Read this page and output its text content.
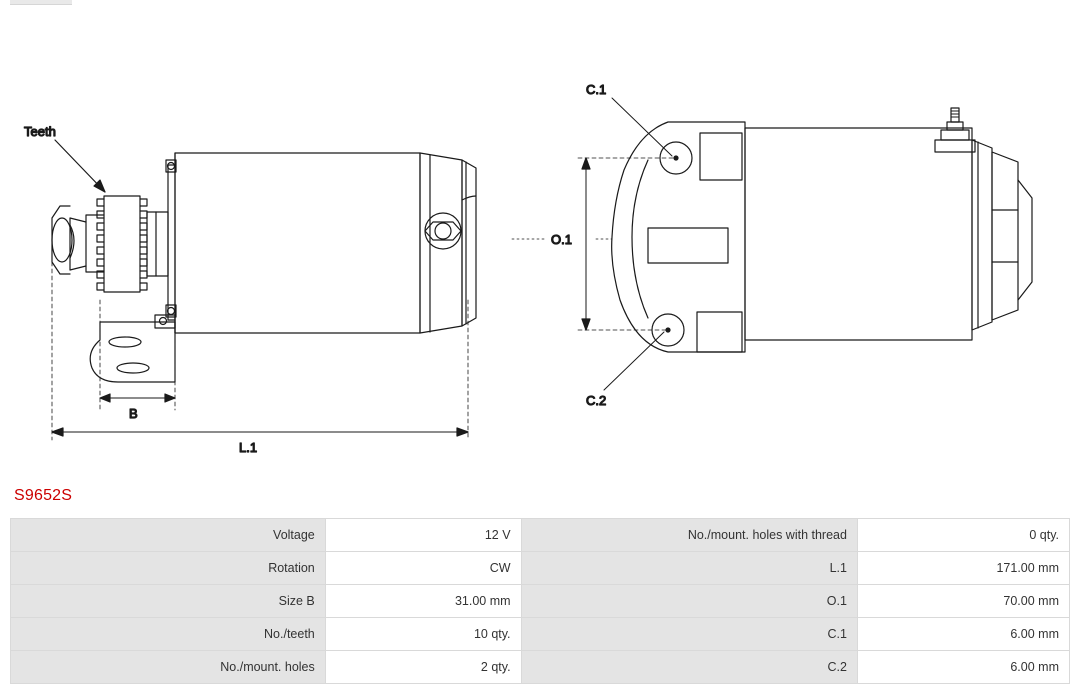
Teeth
B
L.1
O.1
C.1
C.2
S9652S
Voltage	12 V	No./mount. holes with thread	0 qty.
Rotation	CW	L.1	171.00 mm
Size B	31.00 mm	O.1	70.00 mm
No./teeth	10 qty.	C.1	6.00 mm
No./mount. holes	2 qty.	C.2	6.00 mm
